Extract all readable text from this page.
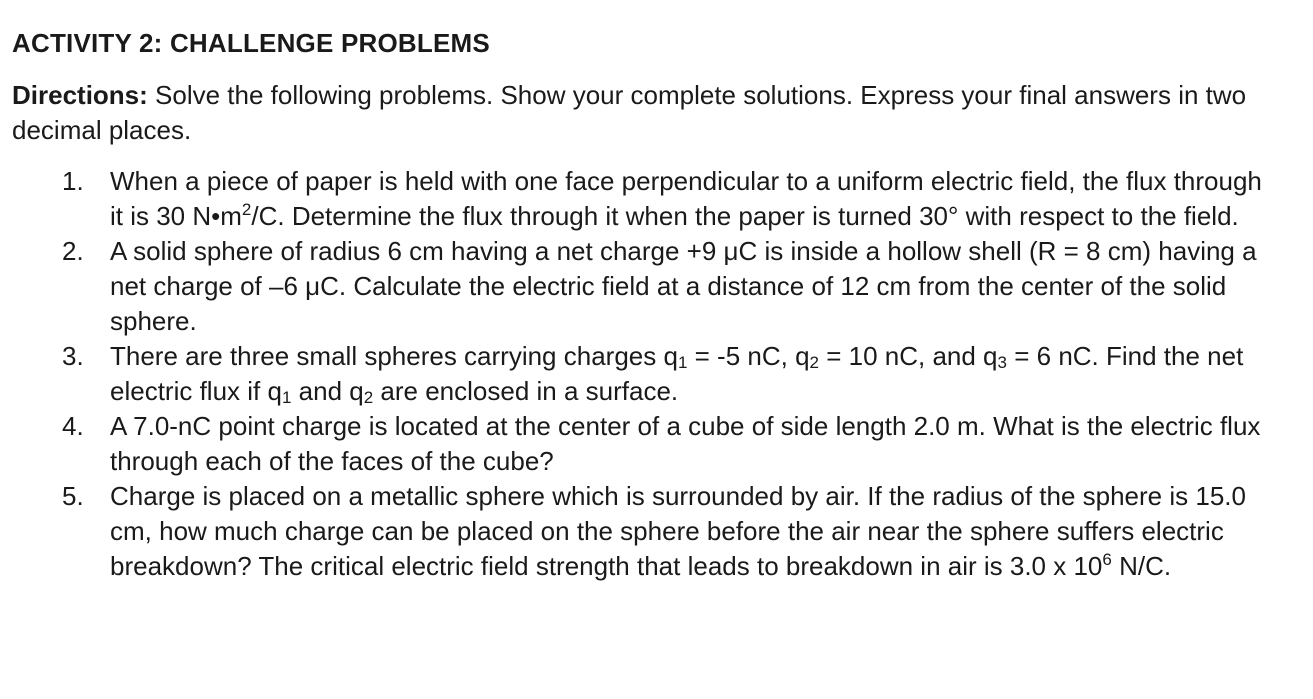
ACTIVITY 2: CHALLENGE PROBLEMS
Directions: Solve the following problems. Show your complete solutions. Express your final answers in two decimal places.
1. When a piece of paper is held with one face perpendicular to a uniform electric field, the flux through it is 30 $N•m^2/C$. Determine the flux through it when the paper is turned 30° with respect to the field.
2. A solid sphere of radius 6 cm having a net charge +9 μC is inside a hollow shell (R = 8 cm) having a net charge of –6 μC. Calculate the electric field at a distance of 12 cm from the center of the solid sphere.
3. There are three small spheres carrying charges q1 = -5 nC, q2 = 10 nC, and q3 = 6 nC. Find the net electric flux if q1 and q2 are enclosed in a surface.
4. A 7.0-nC point charge is located at the center of a cube of side length 2.0 m. What is the electric flux through each of the faces of the cube?
5. Charge is placed on a metallic sphere which is surrounded by air. If the radius of the sphere is 15.0 cm, how much charge can be placed on the sphere before the air near the sphere suffers electric breakdown? The critical electric field strength that leads to breakdown in air is 3.0 x $10^6$ N/C.
